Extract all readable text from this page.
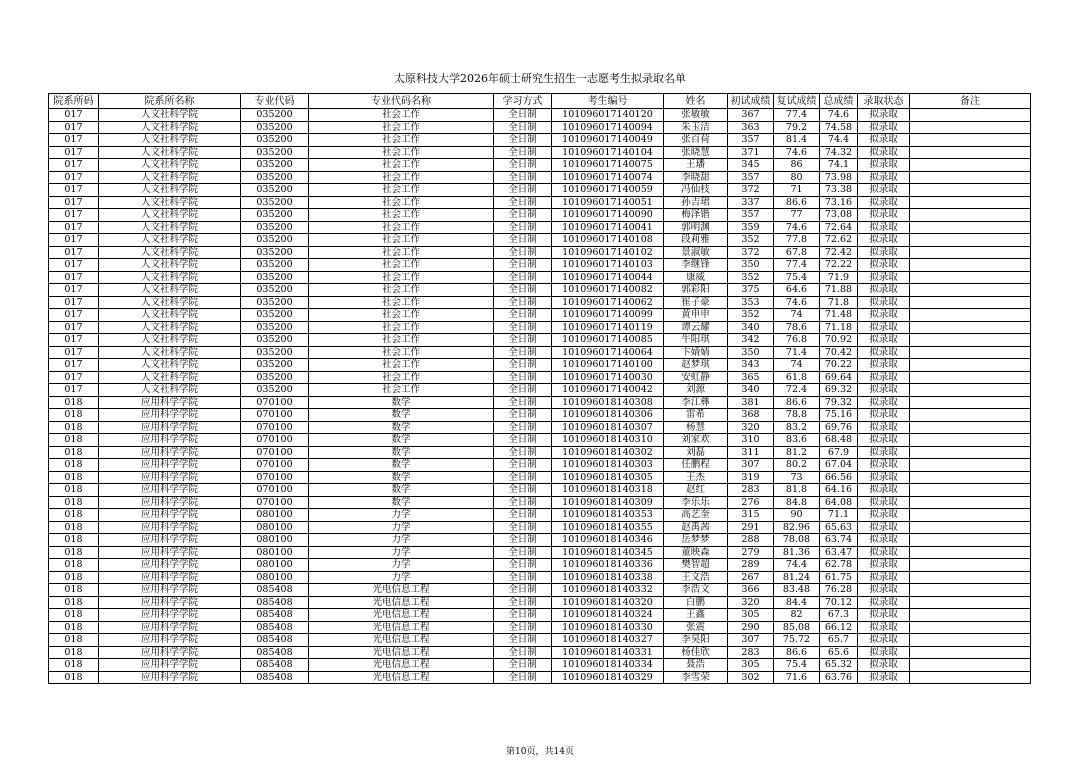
太原科技大学2026年硕士研究生招生一志愿考生拟录取名单
院系所码	院系所名称	专业代码	专业代码名称	学习方式	考生编号	姓名	初试成绩	复试成绩	总成绩	录取状态	备注
017	人文社科学院	035200	社会工作	全日制	101096017140120	张敏敏	367	77.4	74.6	拟录取	
017	人文社科学院	035200	社会工作	全日制	101096017140094	朱玉洁	363	79.2	74.58	拟录取	
017	人文社科学院	035200	社会工作	全日制	101096017140049	张百荷	357	81.4	74.4	拟录取	
017	人文社科学院	035200	社会工作	全日制	101096017140104	张晓慧	371	74.6	74.32	拟录取	
017	人文社科学院	035200	社会工作	全日制	101096017140075	王璠	345	86	74.1	拟录取	
017	人文社科学院	035200	社会工作	全日制	101096017140074	李晓甜	357	80	73.98	拟录取	
017	人文社科学院	035200	社会工作	全日制	101096017140059	冯仙枝	372	71	73.38	拟录取	
017	人文社科学院	035200	社会工作	全日制	101096017140051	孙吉珺	337	86.6	73.16	拟录取	
017	人文社科学院	035200	社会工作	全日制	101096017140090	梅泽锴	357	77	73.08	拟录取	
017	人文社科学院	035200	社会工作	全日制	101096017140041	郭明渊	359	74.6	72.64	拟录取	
017	人文社科学院	035200	社会工作	全日制	101096017140108	段莉雅	352	77.8	72.62	拟录取	
017	人文社科学院	035200	社会工作	全日制	101096017140102	景淑敏	372	67.8	72.42	拟录取	
017	人文社科学院	035200	社会工作	全日制	101096017140103	李继锋	350	77.4	72.22	拟录取	
017	人文社科学院	035200	社会工作	全日制	101096017140044	康威	352	75.4	71.9	拟录取	
017	人文社科学院	035200	社会工作	全日制	101096017140082	郭彩阳	375	64.6	71.88	拟录取	
017	人文社科学院	035200	社会工作	全日制	101096017140062	崔子豪	353	74.6	71.8	拟录取	
017	人文社科学院	035200	社会工作	全日制	101096017140099	黄申申	352	74	71.48	拟录取	
017	人文社科学院	035200	社会工作	全日制	101096017140119	谭云耀	340	78.6	71.18	拟录取	
017	人文社科学院	035200	社会工作	全日制	101096017140085	牛阳琪	342	76.8	70.92	拟录取	
017	人文社科学院	035200	社会工作	全日制	101096017140064	卞婧婧	350	71.4	70.42	拟录取	
017	人文社科学院	035200	社会工作	全日制	101096017140100	赵梦琪	343	74	70.22	拟录取	
017	人文社科学院	035200	社会工作	全日制	101096017140030	安虹静	365	61.8	69.64	拟录取	
017	人文社科学院	035200	社会工作	全日制	101096017140042	刘源	340	72.4	69.32	拟录取	
018	应用科学学院	070100	数学	全日制	101096018140308	李江彝	381	86.6	79.32	拟录取	
018	应用科学学院	070100	数学	全日制	101096018140306	雷希	368	78.8	75.16	拟录取	
018	应用科学学院	070100	数学	全日制	101096018140307	杨慧	320	83.2	69.76	拟录取	
018	应用科学学院	070100	数学	全日制	101096018140310	刘家欢	310	83.6	68.48	拟录取	
018	应用科学学院	070100	数学	全日制	101096018140302	刘磊	311	81.2	67.9	拟录取	
018	应用科学学院	070100	数学	全日制	101096018140303	任鹏程	307	80.2	67.04	拟录取	
018	应用科学学院	070100	数学	全日制	101096018140305	王杰	319	73	66.56	拟录取	
018	应用科学学院	070100	数学	全日制	101096018140318	赵红	283	81.8	64.16	拟录取	
018	应用科学学院	070100	数学	全日制	101096018140309	李乐乐	276	84.8	64.08	拟录取	
018	应用科学学院	080100	力学	全日制	101096018140353	高艺奎	315	90	71.1	拟录取	
018	应用科学学院	080100	力学	全日制	101096018140355	赵禹茜	291	82.96	65.63	拟录取	
018	应用科学学院	080100	力学	全日制	101096018140346	岳梦梦	288	78.08	63.74	拟录取	
018	应用科学学院	080100	力学	全日制	101096018140345	董映森	279	81.36	63.47	拟录取	
018	应用科学学院	080100	力学	全日制	101096018140336	樊智超	289	74.4	62.78	拟录取	
018	应用科学学院	080100	力学	全日制	101096018140338	王文浩	267	81.24	61.75	拟录取	
018	应用科学学院	085408	光电信息工程	全日制	101096018140332	李浩文	366	83.48	76.28	拟录取	
018	应用科学学院	085408	光电信息工程	全日制	101096018140320	白鹏	320	84.4	70.12	拟录取	
018	应用科学学院	085408	光电信息工程	全日制	101096018140324	王鑫	305	82	67.3	拟录取	
018	应用科学学院	085408	光电信息工程	全日制	101096018140330	张震	290	85.08	66.12	拟录取	
018	应用科学学院	085408	光电信息工程	全日制	101096018140327	李昊阳	307	75.72	65.7	拟录取	
018	应用科学学院	085408	光电信息工程	全日制	101096018140331	杨佳欣	283	86.6	65.6	拟录取	
018	应用科学学院	085408	光电信息工程	全日制	101096018140334	聂浩	305	75.4	65.32	拟录取	
018	应用科学学院	085408	光电信息工程	全日制	101096018140329	李雪荣	302	71.6	63.76	拟录取	
第10页，共14页
